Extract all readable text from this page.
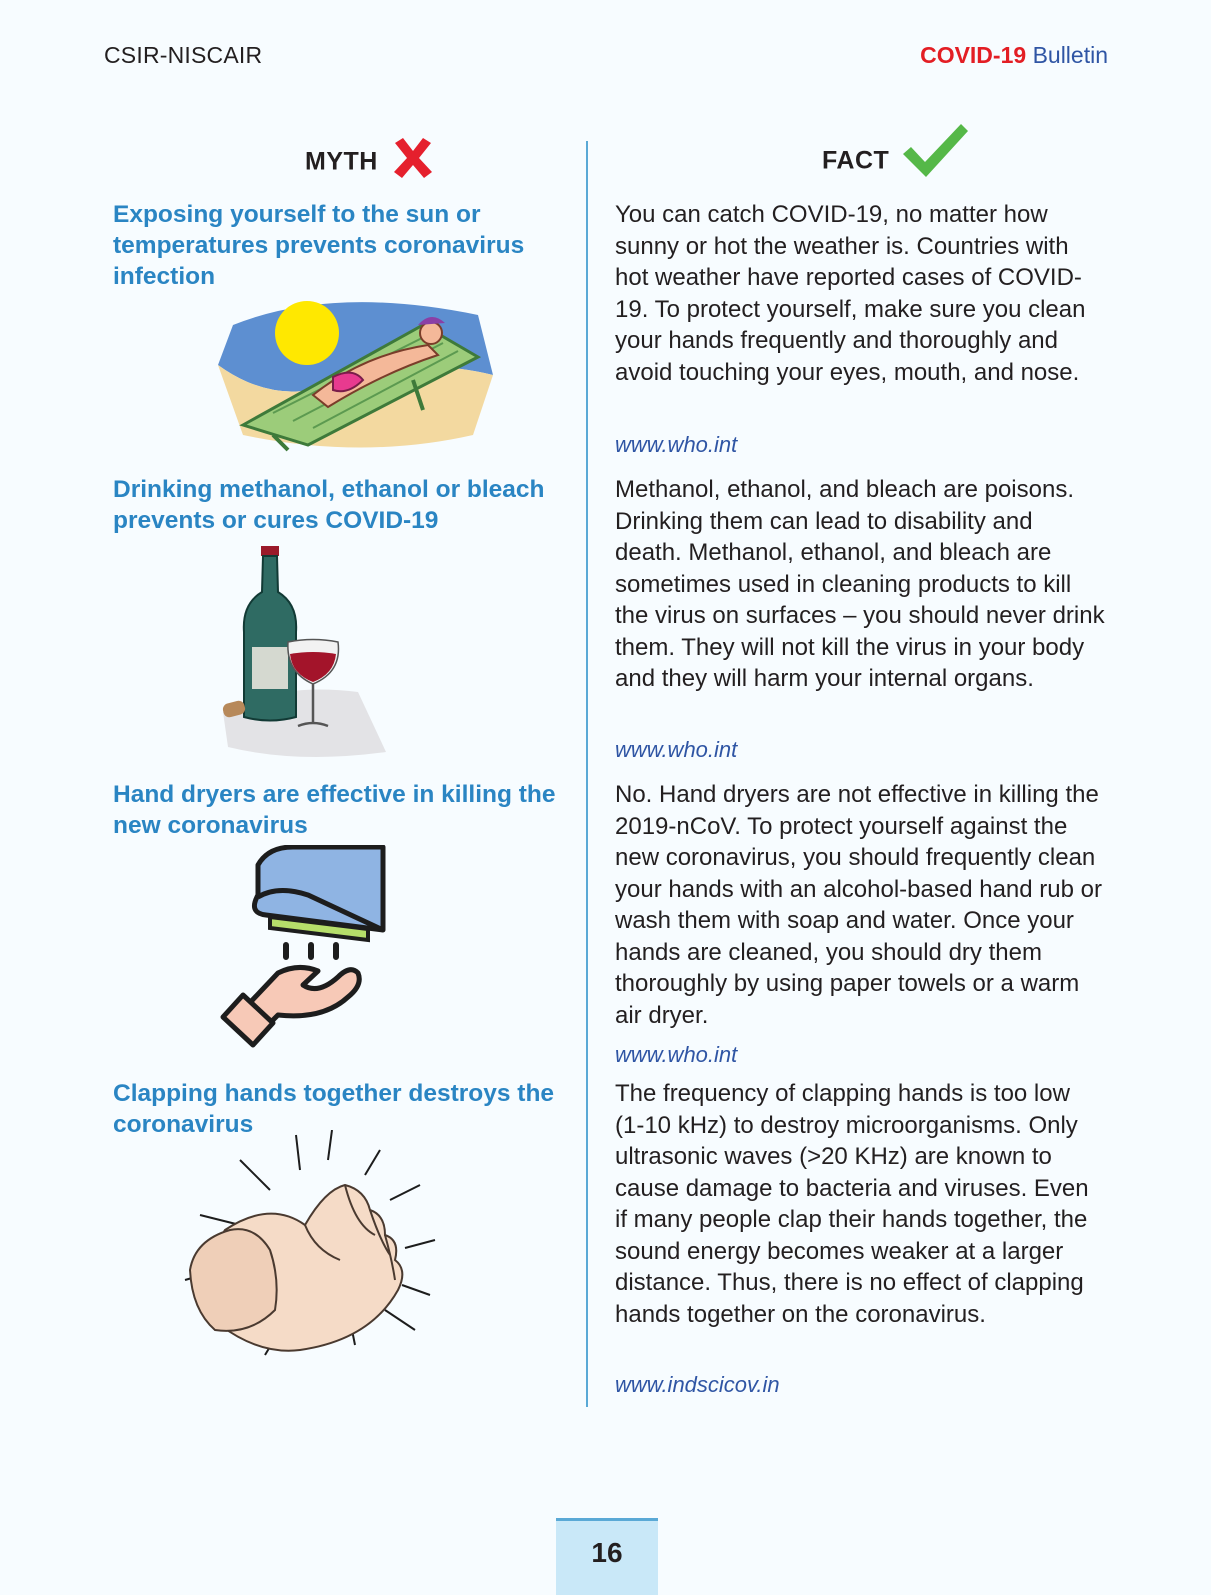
CSIR-NISCAIR	COVID-19 Bulletin
MYTH	FACT
Exposing yourself to the sun or temperatures prevents coronavirus infection
You can catch COVID-19, no matter how sunny or hot the weather is. Countries with hot weather have reported cases of COVID-19. To protect yourself, make sure you clean your hands frequently and thoroughly and avoid touching your eyes, mouth, and nose.
www.who.int
Drinking methanol, ethanol or bleach prevents or cures COVID-19
Methanol, ethanol, and bleach are poisons. Drinking them can lead to disability and death. Methanol, ethanol, and bleach are sometimes used in cleaning products to kill the virus on surfaces – you should never drink them. They will not kill the virus in your body and they will harm your internal organs.
www.who.int
Hand dryers are effective in killing the new coronavirus
No. Hand dryers are not effective in killing the 2019-nCoV. To protect yourself against the new coronavirus, you should frequently clean your hands with an alcohol-based hand rub or wash them with soap and water. Once your hands are cleaned, you should dry them thoroughly by using paper towels or a warm air dryer.
www.who.int
Clapping hands together destroys the coronavirus
The frequency of clapping hands is too low (1-10 kHz) to destroy microorganisms. Only ultrasonic waves (>20 KHz) are known to cause damage to bacteria and viruses. Even if many people clap their hands together, the sound energy becomes weaker at a larger distance. Thus, there is no effect of clapping hands together on the coronavirus.
www.indscicov.in
16
